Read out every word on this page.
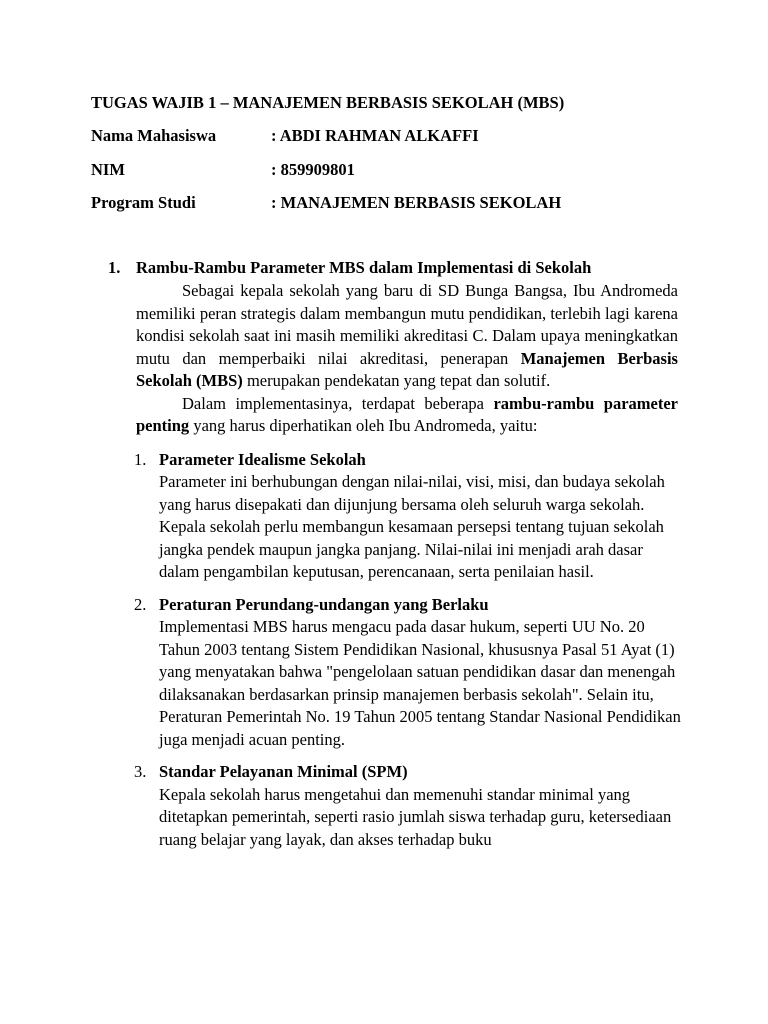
TUGAS WAJIB 1 – MANAJEMEN BERBASIS SEKOLAH (MBS)
Nama Mahasiswa	: ABDI RAHMAN ALKAFFI
NIM	: 859909801
Program Studi	: MANAJEMEN BERBASIS SEKOLAH
1. Rambu-Rambu Parameter MBS dalam Implementasi di Sekolah

Sebagai kepala sekolah yang baru di SD Bunga Bangsa, Ibu Andromeda memiliki peran strategis dalam membangun mutu pendidikan, terlebih lagi karena kondisi sekolah saat ini masih memiliki akreditasi C. Dalam upaya meningkatkan mutu dan memperbaiki nilai akreditasi, penerapan Manajemen Berbasis Sekolah (MBS) merupakan pendekatan yang tepat dan solutif.

Dalam implementasinya, terdapat beberapa rambu-rambu parameter penting yang harus diperhatikan oleh Ibu Andromeda, yaitu:

1. Parameter Idealisme Sekolah
Parameter ini berhubungan dengan nilai-nilai, visi, misi, dan budaya sekolah yang harus disepakati dan dijunjung bersama oleh seluruh warga sekolah. Kepala sekolah perlu membangun kesamaan persepsi tentang tujuan sekolah jangka pendek maupun jangka panjang. Nilai-nilai ini menjadi arah dasar dalam pengambilan keputusan, perencanaan, serta penilaian hasil.
2. Peraturan Perundang-undangan yang Berlaku
Implementasi MBS harus mengacu pada dasar hukum, seperti UU No. 20 Tahun 2003 tentang Sistem Pendidikan Nasional, khususnya Pasal 51 Ayat (1) yang menyatakan bahwa "pengelolaan satuan pendidikan dasar dan menengah dilaksanakan berdasarkan prinsip manajemen berbasis sekolah". Selain itu, Peraturan Pemerintah No. 19 Tahun 2005 tentang Standar Nasional Pendidikan juga menjadi acuan penting.
3. Standar Pelayanan Minimal (SPM)
Kepala sekolah harus mengetahui dan memenuhi standar minimal yang ditetapkan pemerintah, seperti rasio jumlah siswa terhadap guru, ketersediaan ruang belajar yang layak, dan akses terhadap buku
